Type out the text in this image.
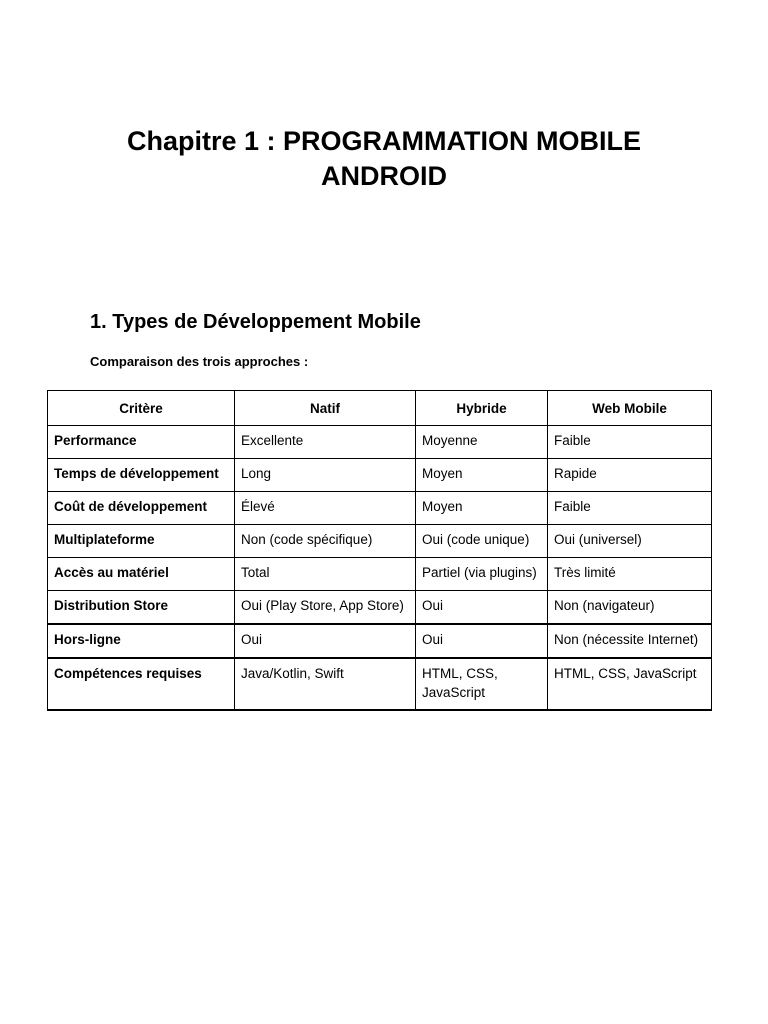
Chapitre 1 : PROGRAMMATION MOBILE
ANDROID
1. Types de Développement Mobile

Comparaison des trois approches :

Critère	Natif	Hybride	Web Mobile
Performance	Excellente	Moyenne	Faible
Temps de développement	Long	Moyen	Rapide
Coût de développement	Élevé	Moyen	Faible
Multiplateforme	Non (code spécifique)	Oui (code unique)	Oui (universel)
Accès au matériel	Total	Partiel (via plugins)	Très limité
Distribution Store	Oui (Play Store, App Store)	Oui	Non (navigateur)
Hors-ligne	Oui	Oui	Non (nécessite Internet)
Compétences requises	Java/Kotlin, Swift	HTML, CSS, JavaScript	HTML, CSS, JavaScript
